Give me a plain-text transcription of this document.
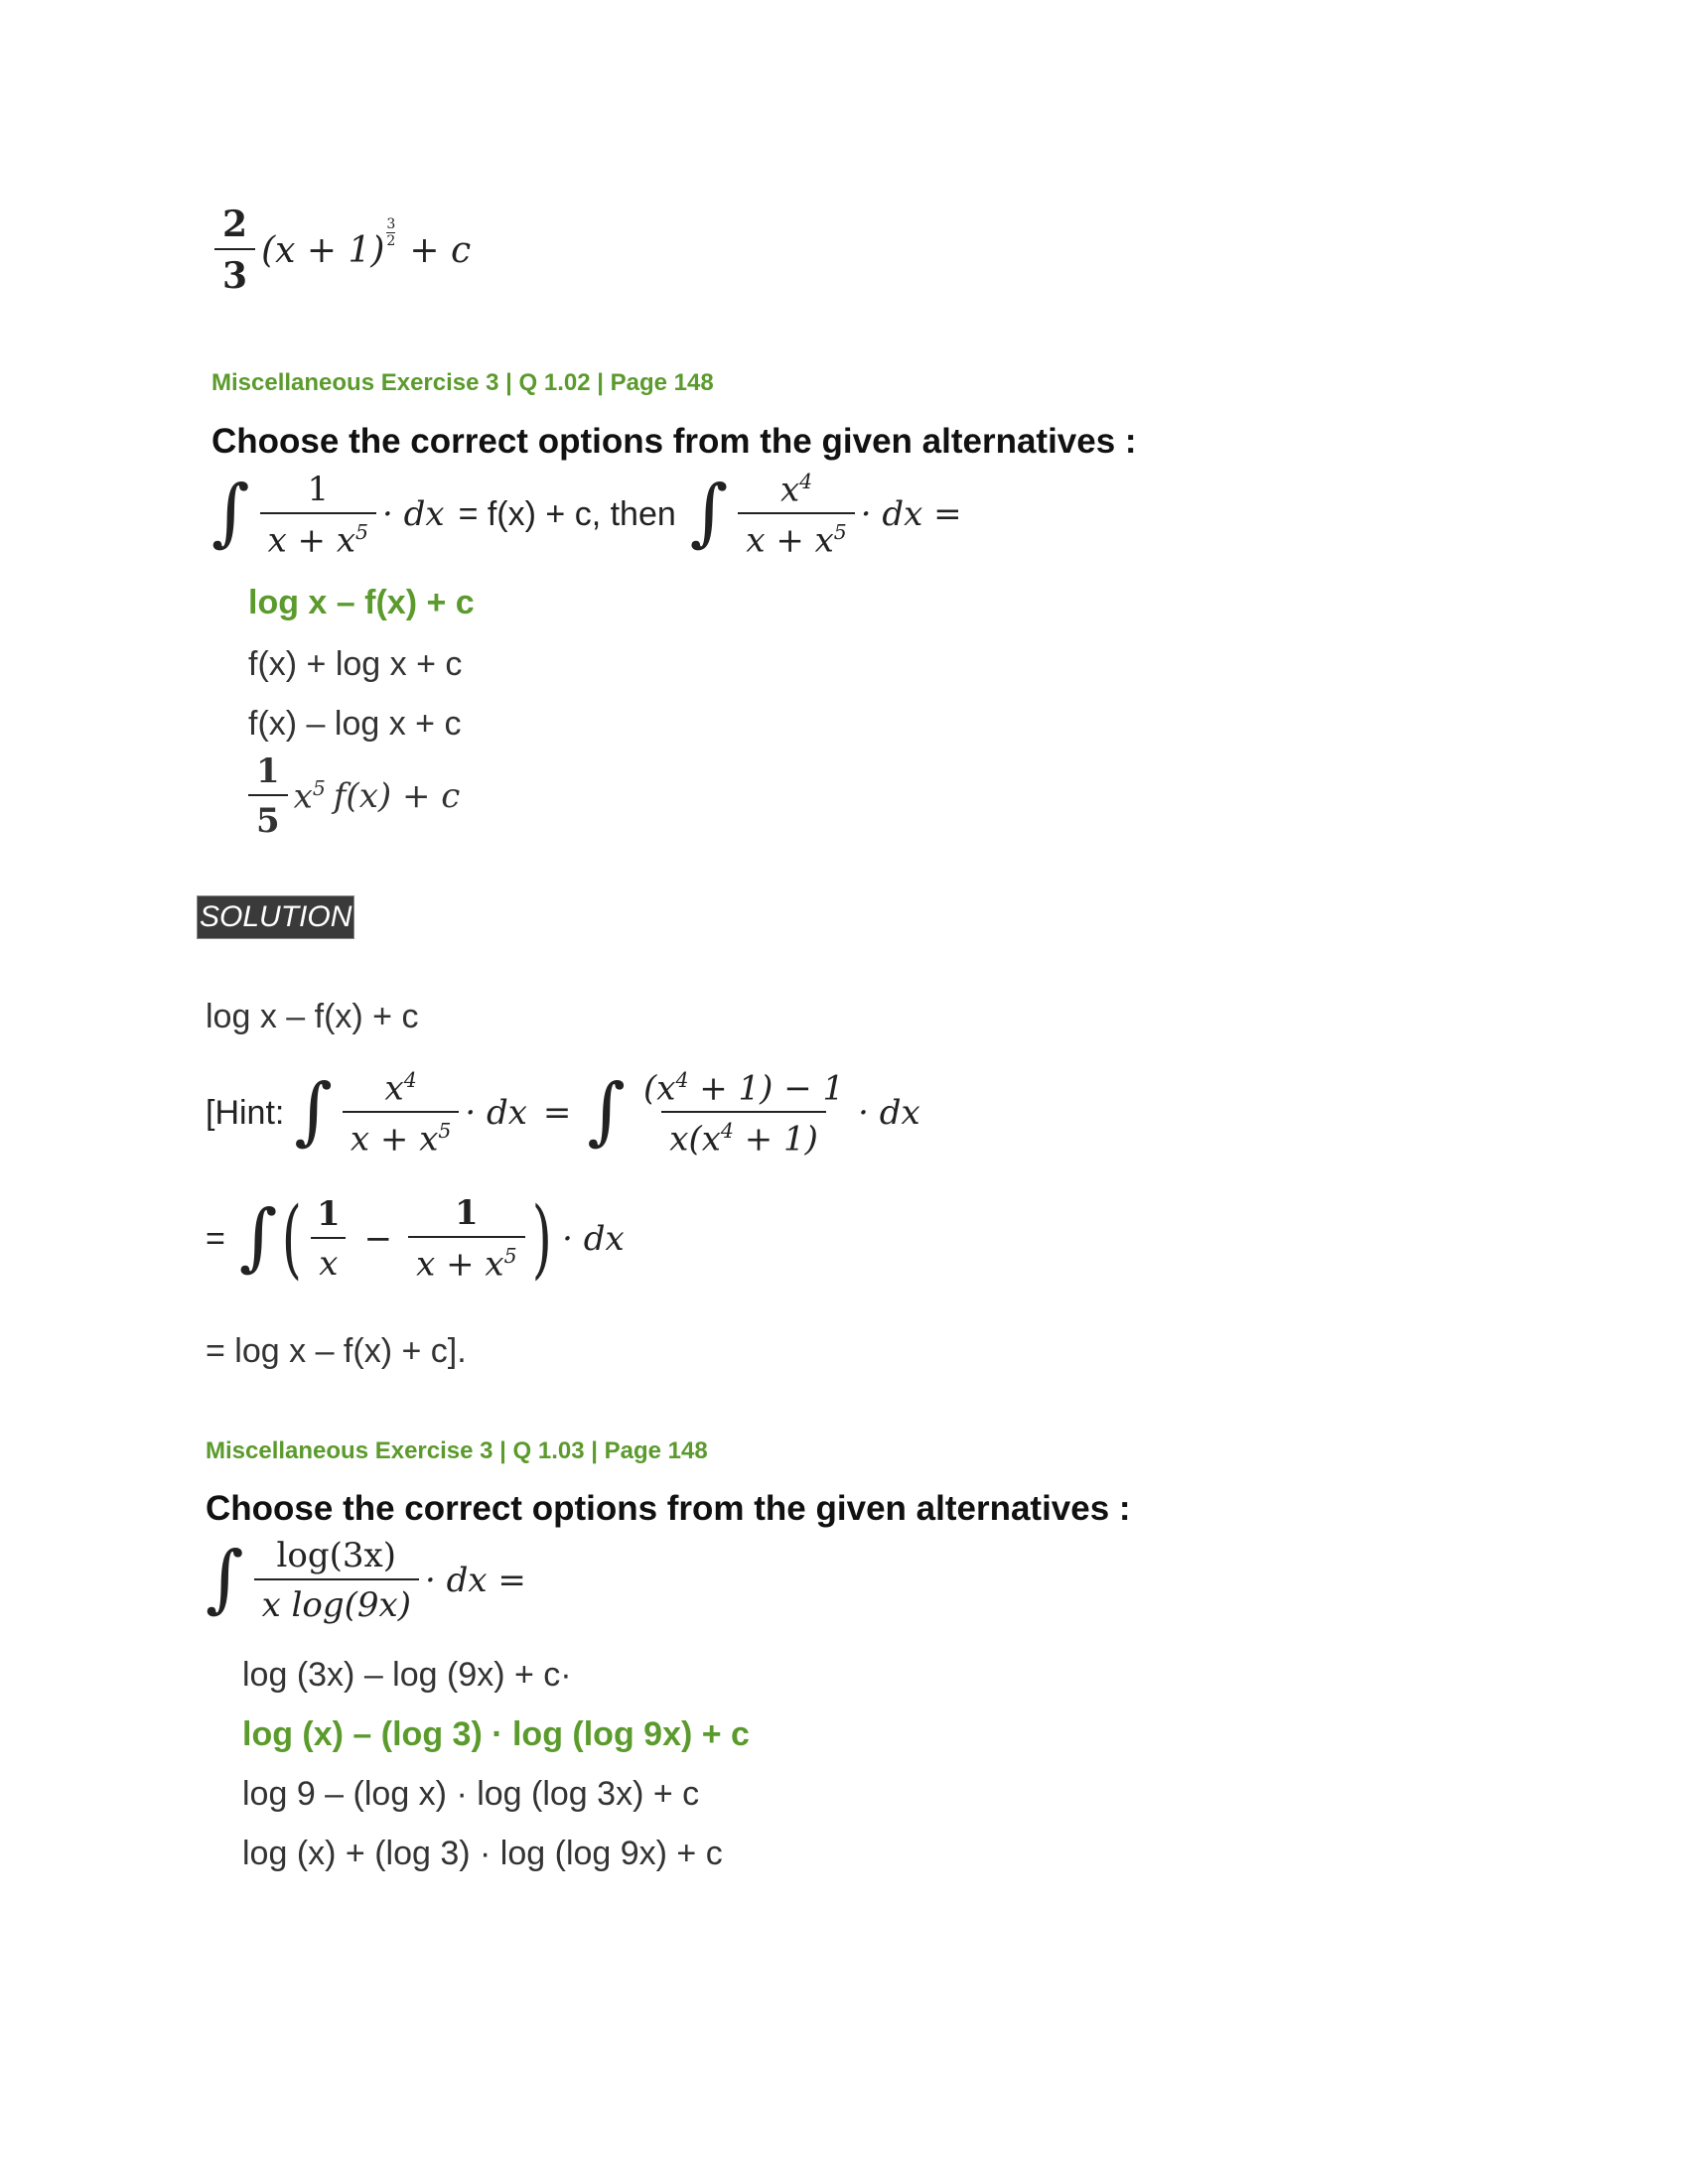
$\frac{2}{3} (x + 1) \frac{3}{2} + c$
Miscellaneous Exercise 3 | Q 1.02 | Page 148
Choose the correct options from the given alternatives :
∫ $\frac{1}{x + x^5}$ · dx = f(x) + c, then ∫ $\frac{x^4}{x + x^5}$ · dx =
log x – f(x) + c
f(x) + log x + c
f(x) – log x + c
$\frac{1}{5} x^5$ f(x) + c
SOLUTION
log x – f(x) + c
[Hint: ∫ $\frac{x^4}{x + x^5}$ · dx = ∫ $\frac{(x^4 + 1) - 1}{x(x^4 + 1)}$ · dx
= ∫ ( $\frac{1}{x} - \frac{1}{x + x^5}$ ) · dx
= log x – f(x) + c].
Miscellaneous Exercise 3 | Q 1.03 | Page 148
Choose the correct options from the given alternatives :
∫ $\frac{\log(3x)}{\text{x log(9x)}}$ · dx =
log (3x) – log (9x) + c·
log (x) – (log 3) · log (log 9x) + c
log 9 – (log x) · log (log 3x) + c
log (x) + (log 3) · log (log 9x) + c
